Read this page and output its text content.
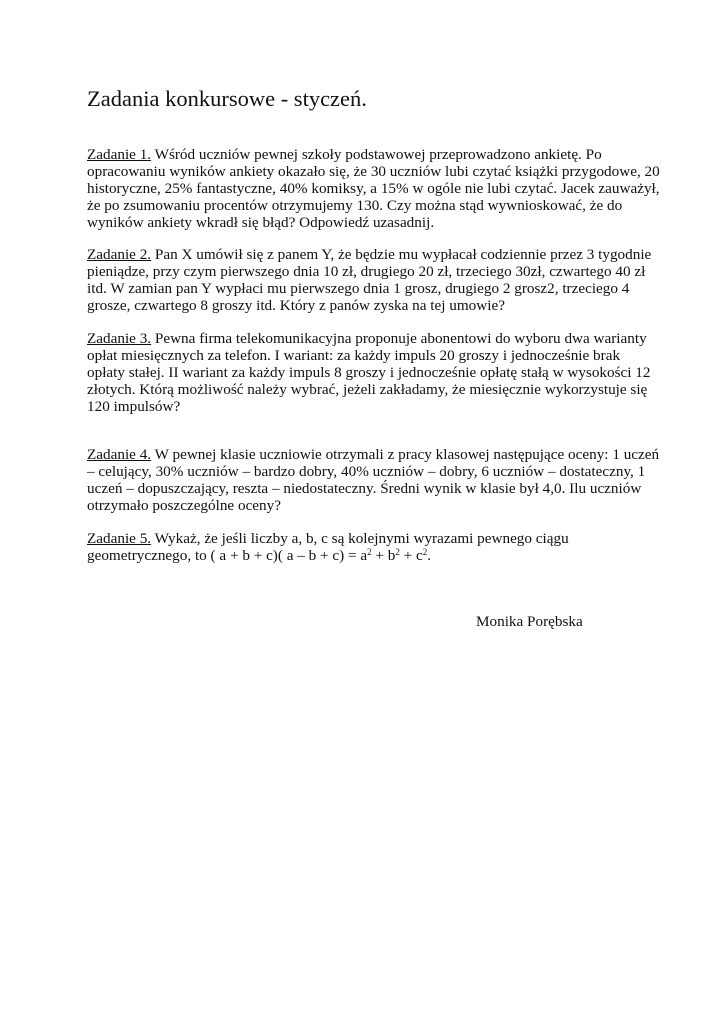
Zadania konkursowe - styczeń.

Zadanie 1. Wśród uczniów pewnej szkoły podstawowej przeprowadzono ankietę. Po

opracowaniu wyników ankiety okazało się, że 30 uczniów lubi czytać książki przygodowe, 20

historyczne, 25% fantastyczne, 40% komiksy, a 15% w ogóle nie lubi czytać. Jacek zauważył,

że po zsumowaniu procentów otrzymujemy 130. Czy można stąd wywnioskować, że do

wyników ankiety wkradł się błąd? Odpowiedź uzasadnij.

Zadanie 2. Pan X umówił się z panem Y, że będzie mu wypłacał codziennie przez 3 tygodnie

pieniądze, przy czym pierwszego dnia 10 zł, drugiego 20 zł, trzeciego 30zł, czwartego 40 zł

itd. W zamian pan Y wypłaci mu pierwszego dnia 1 grosz, drugiego 2 grosz2, trzeciego 4

grosze, czwartego 8 groszy itd. Który z panów zyska na tej umowie?

Zadanie 3. Pewna firma telekomunikacyjna proponuje abonentowi do wyboru dwa warianty

opłat miesięcznych za telefon. I wariant: za każdy impuls 20 groszy i jednocześnie brak

opłaty stałej. II wariant za każdy impuls 8 groszy i jednocześnie opłatę stałą w wysokości 12

złotych. Którą możliwość należy wybrać, jeżeli zakładamy, że miesięcznie wykorzystuje się

120 impulsów?

Zadanie 4. W pewnej klasie uczniowie otrzymali z pracy klasowej następujące oceny: 1 uczeń

– celujący, 30% uczniów – bardzo dobry, 40% uczniów – dobry, 6 uczniów – dostateczny, 1

uczeń – dopuszczający, reszta – niedostateczny. Średni wynik w klasie był 4,0. Ilu uczniów

otrzymało poszczególne oceny?

Zadanie 5. Wykaż, że jeśli liczby a, b, c są kolejnymi wyrazami pewnego ciągu

geometrycznego, to ( a + b + c)( $a - b + c) = a^2 + b^2 + c^2$.

Monika Porębska
